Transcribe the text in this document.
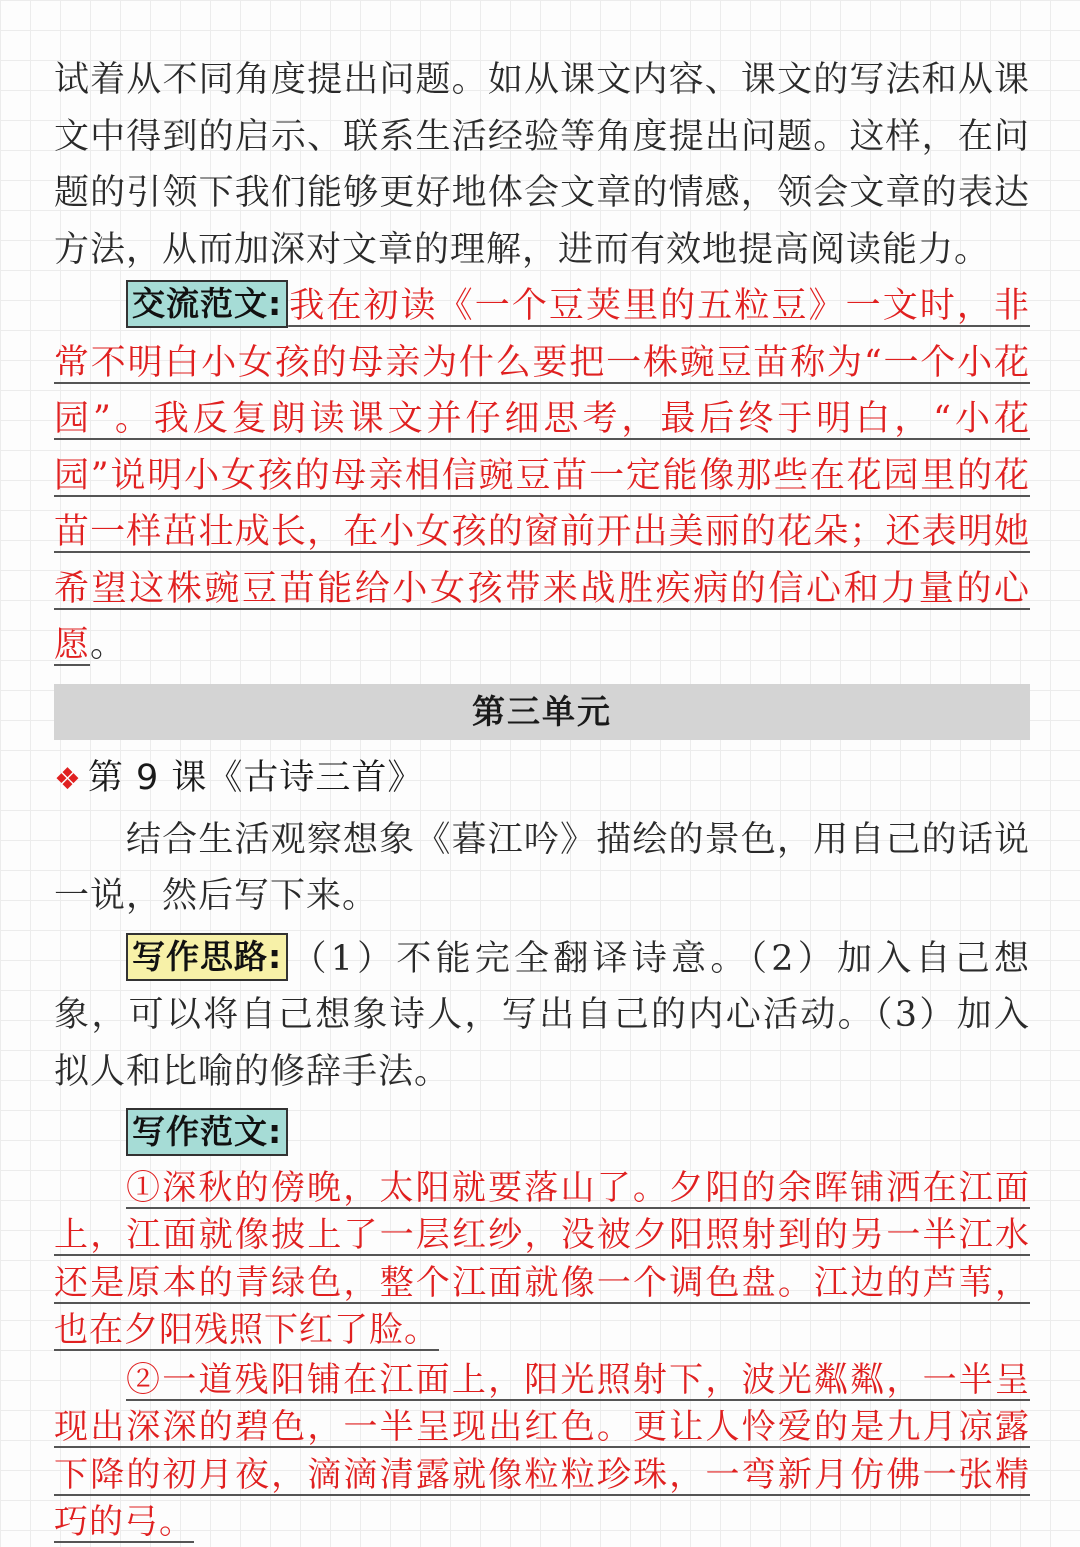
试着从不同角度提出问题。如从课文内容、课文的写法和从课文中得到的启示、联系生活经验等角度提出问题。这样，在问题的引领下我们能够更好地体会文章的情感，领会文章的表达方法，从而加深对文章的理解，进而有效地提高阅读能力。

交流范文: 我在初读《一个豆荚里的五粒豆》一文时，非常不明白小女孩的母亲为什么要把一株豌豆苗称为“一个小花园”。我反复朗读课文并仔细思考，最后终于明白，“小花园”说明小女孩的母亲相信豌豆苗一定能像那些在花园里的花苗一样茁壮成长，在小女孩的窗前开出美丽的花朵；还表明她希望这株豌豆苗能给小女孩带来战胜疾病的信心和力量的心愿。

第三单元
❖ 第 9 课《古诗三首》

结合生活观察想象《暮江吟》描绘的景色，用自己的话说一说，然后写下来。

写作思路: （1）不能完全翻译诗意。（2）加入自己想象，可以将自己想象诗人，写出自己的内心活动。（3）加入拟人和比喻的修辞手法。

写作范文:

①深秋的傍晚，太阳就要落山了。夕阳的余晖铺洒在江面上，江面就像披上了一层红纱，没被夕阳照射到的另一半江水还是原本的青绿色，整个江面就像一个调色盘。江边的芦苇，也在夕阳残照下红了脸。

②一道残阳铺在江面上，阳光照射下，波光粼粼，一半呈现出深深的碧色，一半呈现出红色。更让人怜爱的是九月凉露下降的初月夜，滴滴清露就像粒粒珍珠，一弯新月仿佛一张精巧的弓。
